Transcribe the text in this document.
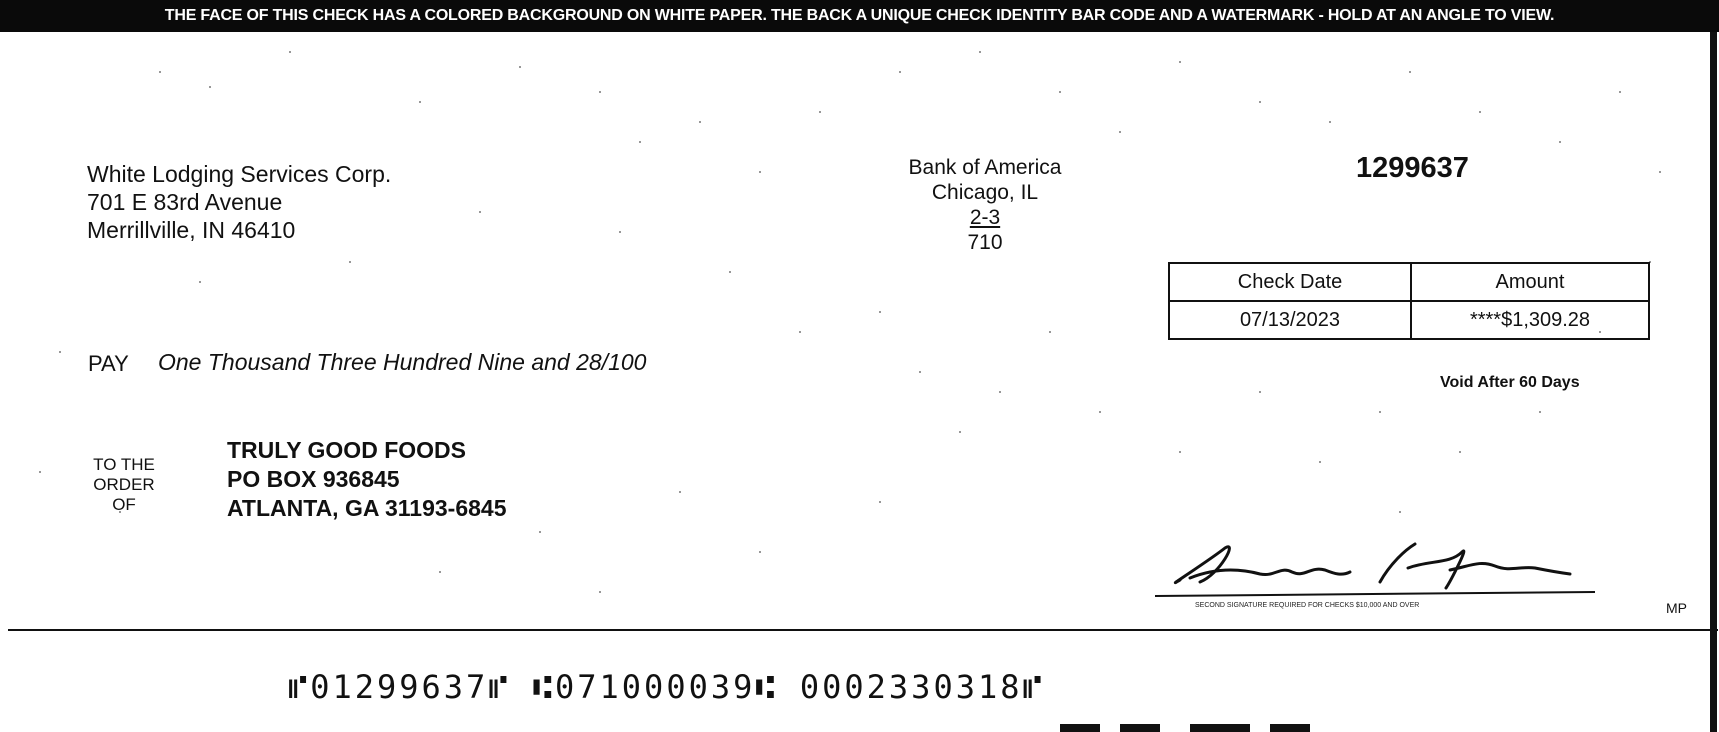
THE FACE OF THIS CHECK HAS A COLORED BACKGROUND ON WHITE PAPER. THE BACK A UNIQUE CHECK IDENTITY BAR CODE AND A WATERMARK - HOLD AT AN ANGLE TO VIEW.
White Lodging Services Corp.
701 E 83rd Avenue
Merrillville, IN 46410
Bank of America
Chicago, IL
2-3
710
1299637
Check Date	Amount
07/13/2023	****$1,309.28
Void After 60 Days
PAY One Thousand Three Hundred Nine and 28/100
TO THE
ORDER
OF
TRULY GOOD FOODS
PO BOX 936845
ATLANTA, GA 31193-6845
SECOND SIGNATURE REQUIRED FOR CHECKS $10,000 AND OVER	MP
⑈01299637⑈ ⑆071000039⑆ 0002330318⑈
